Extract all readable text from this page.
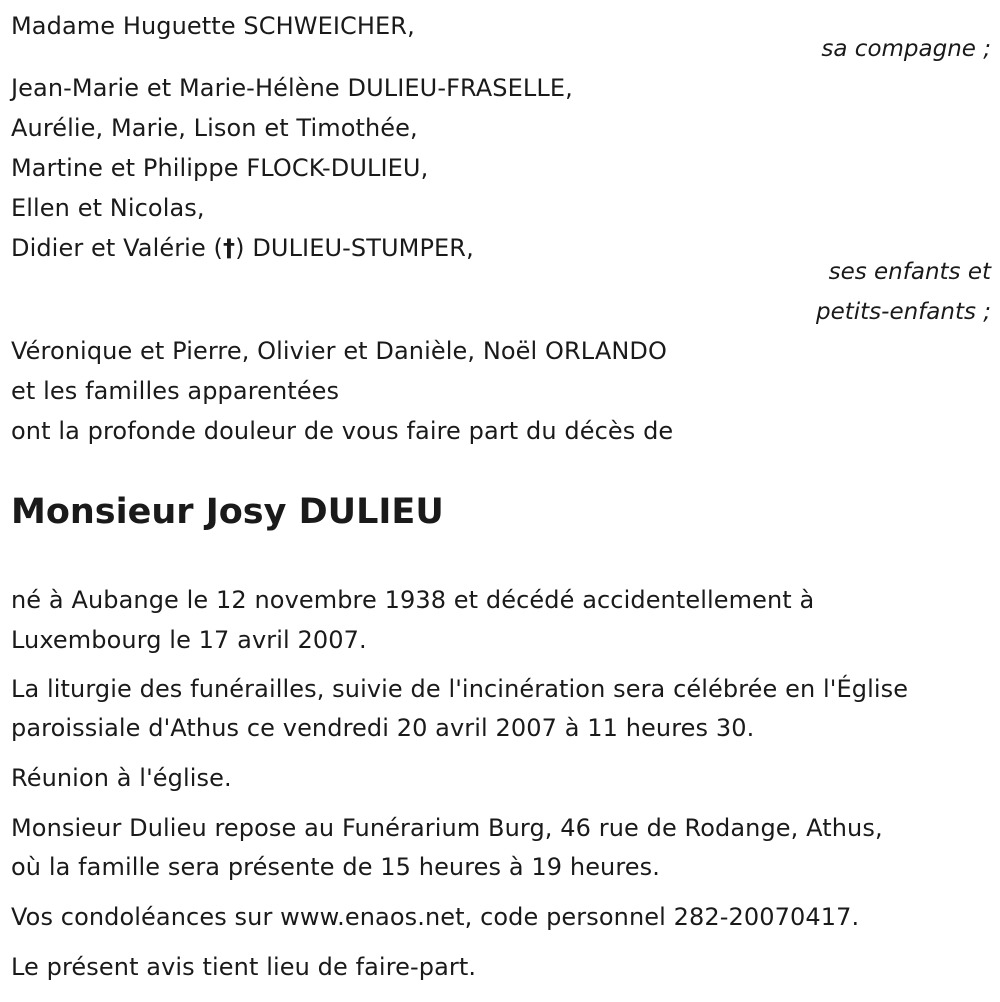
Madame Huguette SCHWEICHER,
sa compagne ;
Jean-Marie et Marie-Hélène DULIEU-FRASELLE,
Aurélie, Marie, Lison et Timothée,
Martine et Philippe FLOCK-DULIEU,
Ellen et Nicolas,
Didier et Valérie (†) DULIEU-STUMPER,
ses enfants et
petits-enfants ;
Véronique et Pierre, Olivier et Danièle, Noël ORLANDO
et les familles apparentées
ont la profonde douleur de vous faire part du décès de
Monsieur Josy DULIEU
né à Aubange le 12 novembre 1938 et décédé accidentellement à
Luxembourg le 17 avril 2007.
La liturgie des funérailles, suivie de l'incinération sera célébrée en l'Église
paroissiale d'Athus ce vendredi 20 avril 2007 à 11 heures 30.
Réunion à l'église.
Monsieur Dulieu repose au Funérarium Burg, 46 rue de Rodange, Athus,
où la famille sera présente de 15 heures à 19 heures.
Vos condoléances sur www.enaos.net, code personnel 282-20070417.
Le présent avis tient lieu de faire-part.
